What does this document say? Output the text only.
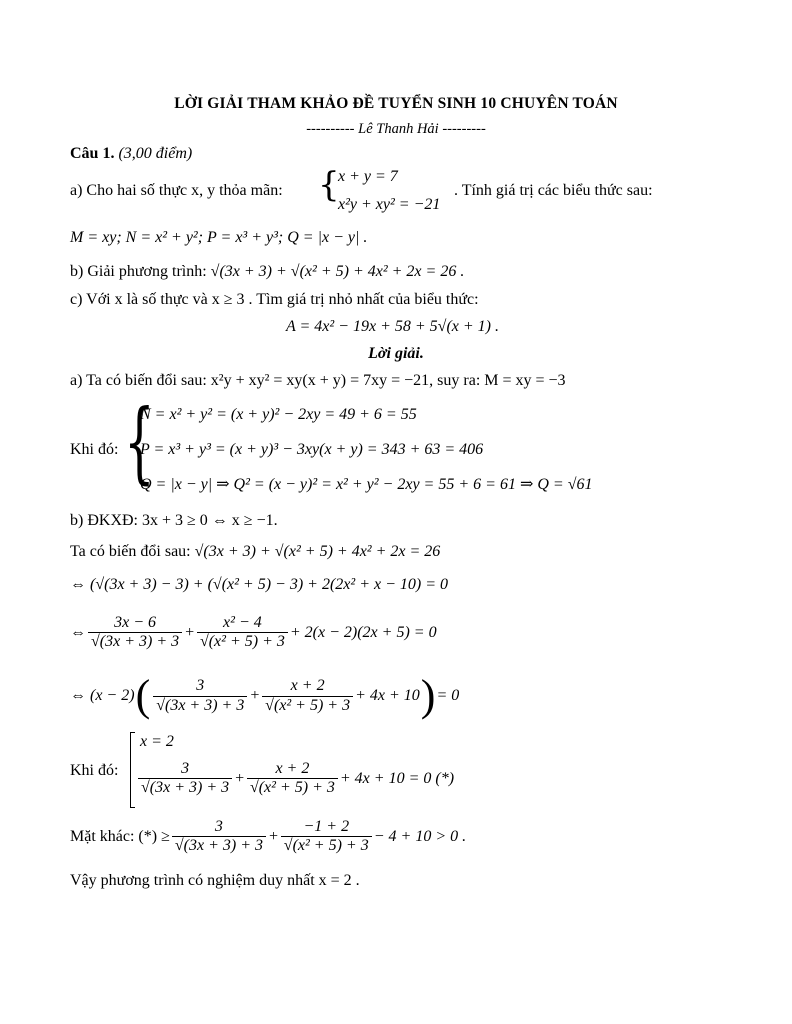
LỜI GIẢI THAM KHẢO ĐỀ TUYỂN SINH 10 CHUYÊN TOÁN
---------- Lê Thanh Hải ---------
Câu 1. (3,00 điểm)
a) Cho hai số thực x, y thỏa mãn: {
x + y = 7
x²y + xy² = −21
. Tính giá trị các biểu thức sau:
M = xy; N = x² + y²; P = x³ + y³; Q = |x − y| .
b) Giải phương trình: √(3x + 3) + √(x² + 5) + 4x² + 2x = 26 .
c) Với x là số thực và x ≥ 3 . Tìm giá trị nhỏ nhất của biểu thức:
A = 4x² − 19x + 58 + 5√(x + 1) .
Lời giải.
a) Ta có biến đổi sau: x²y + xy² = xy(x + y) = 7xy = −21, suy ra: M = xy = −3
Khi đó: {
N = x² + y² = (x + y)² − 2xy = 49 + 6 = 55
P = x³ + y³ = (x + y)³ − 3xy(x + y) = 343 + 63 = 406
Q = |x − y| ⇒ Q² = (x − y)² = x² + y² − 2xy = 55 + 6 = 61 ⇒ Q = √61
b) ĐKXĐ: 3x + 3 ≥ 0 ⇔ x ≥ −1.
Ta có biến đổi sau: √(3x + 3) + √(x² + 5) + 4x² + 2x = 26
⇔ (√(3x + 3) − 3) + (√(x² + 5) − 3) + 2(2x² + x − 10) = 0
⇔ $\frac{3x - 6}{√(3x + 3) + 3} + \frac{\text{x² − 4}}{\text{√(x² + 5) + 3}} + 2(x - 2)(2x + 5) = 0$
⇔ (x − 2) ( $\frac{3}{√(3x + 3) + 3} + \frac{x + 2}{\text{√(x² + 5) + 3}} + 4x + 10$ ) = 0
Khi đó:
x = 2
$\frac{3}{√(3x + 3) + 3} + \frac{x + 2}{\text{√(x² + 5) + 3}} + 4x + 10 = 0$ (*)
Mặt khác: (*) ≥ $\frac{3}{√(3x + 3) + 3} + \frac{-1 + 2}{\text{√(x² + 5) + 3}} - 4 + 10 > 0$ .
Vậy phương trình có nghiệm duy nhất x = 2 .
